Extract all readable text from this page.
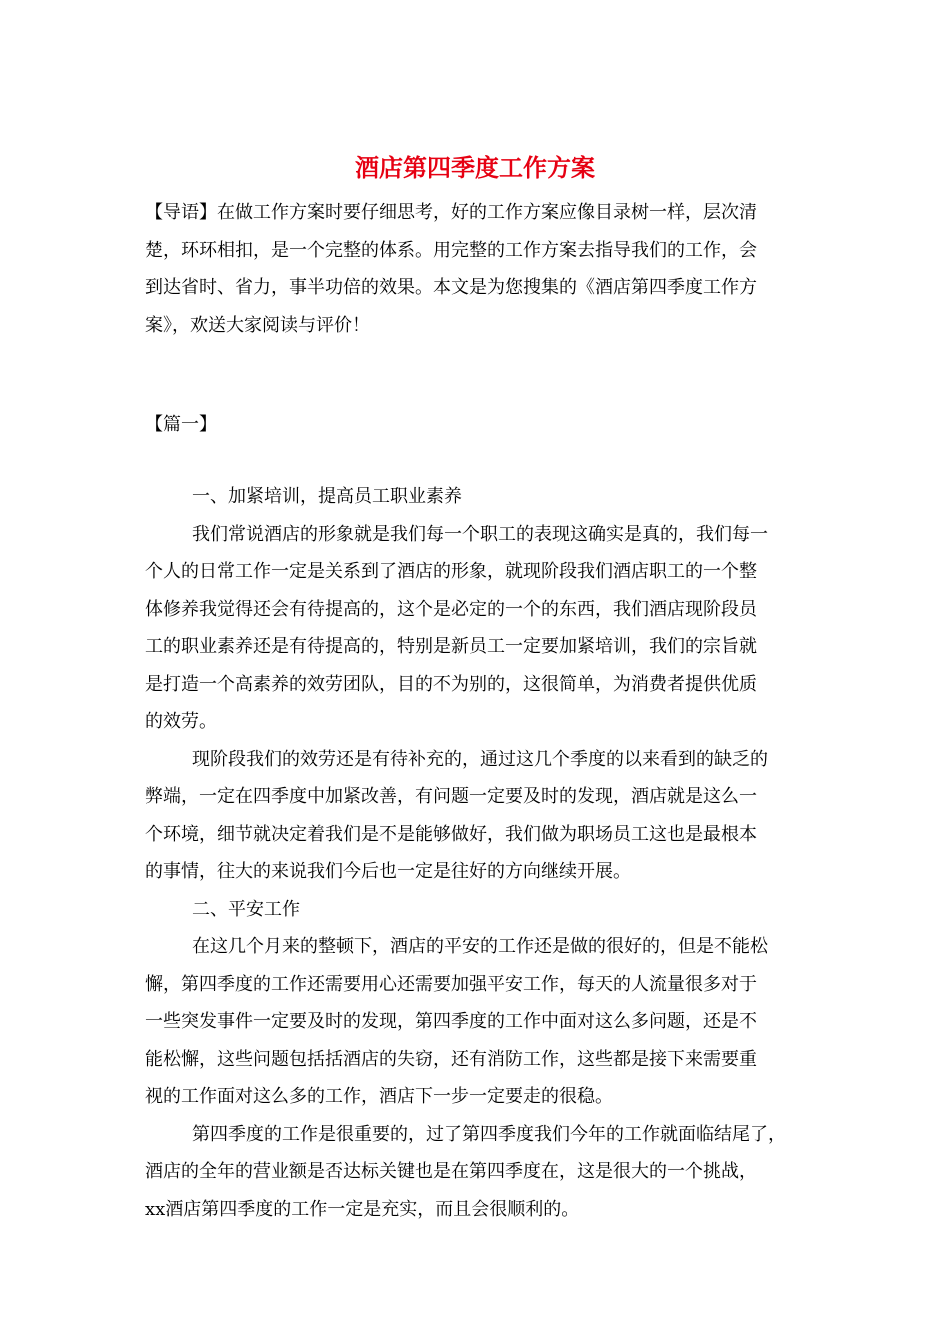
酒店第四季度工作方案
【导语】在做工作方案时要仔细思考，好的工作方案应像目录树一样，层次清
楚，环环相扣，是一个完整的体系。用完整的工作方案去指导我们的工作，会
到达省时、省力，事半功倍的效果。本文是为您搜集的《酒店第四季度工作方
案》，欢送大家阅读与评价！
【篇一】
一、加紧培训，提高员工职业素养
我们常说酒店的形象就是我们每一个职工的表现这确实是真的，我们每一
个人的日常工作一定是关系到了酒店的形象，就现阶段我们酒店职工的一个整
体修养我觉得还会有待提高的，这个是必定的一个的东西，我们酒店现阶段员
工的职业素养还是有待提高的，特别是新员工一定要加紧培训，我们的宗旨就
是打造一个高素养的效劳团队，目的不为别的，这很简单，为消费者提供优质
的效劳。
现阶段我们的效劳还是有待补充的，通过这几个季度的以来看到的缺乏的
弊端，一定在四季度中加紧改善，有问题一定要及时的发现，酒店就是这么一
个环境，细节就决定着我们是不是能够做好，我们做为职场员工这也是最根本
的事情，往大的来说我们今后也一定是往好的方向继续开展。
二、平安工作
在这几个月来的整顿下，酒店的平安的工作还是做的很好的，但是不能松
懈，第四季度的工作还需要用心还需要加强平安工作，每天的人流量很多对于
一些突发事件一定要及时的发现，第四季度的工作中面对这么多问题，还是不
能松懈，这些问题包括括酒店的失窃，还有消防工作，这些都是接下来需要重
视的工作面对这么多的工作，酒店下一步一定要走的很稳。
第四季度的工作是很重要的，过了第四季度我们今年的工作就面临结尾了，
酒店的全年的营业额是否达标关键也是在第四季度在，这是很大的一个挑战，
xx酒店第四季度的工作一定是充实，而且会很顺利的。
